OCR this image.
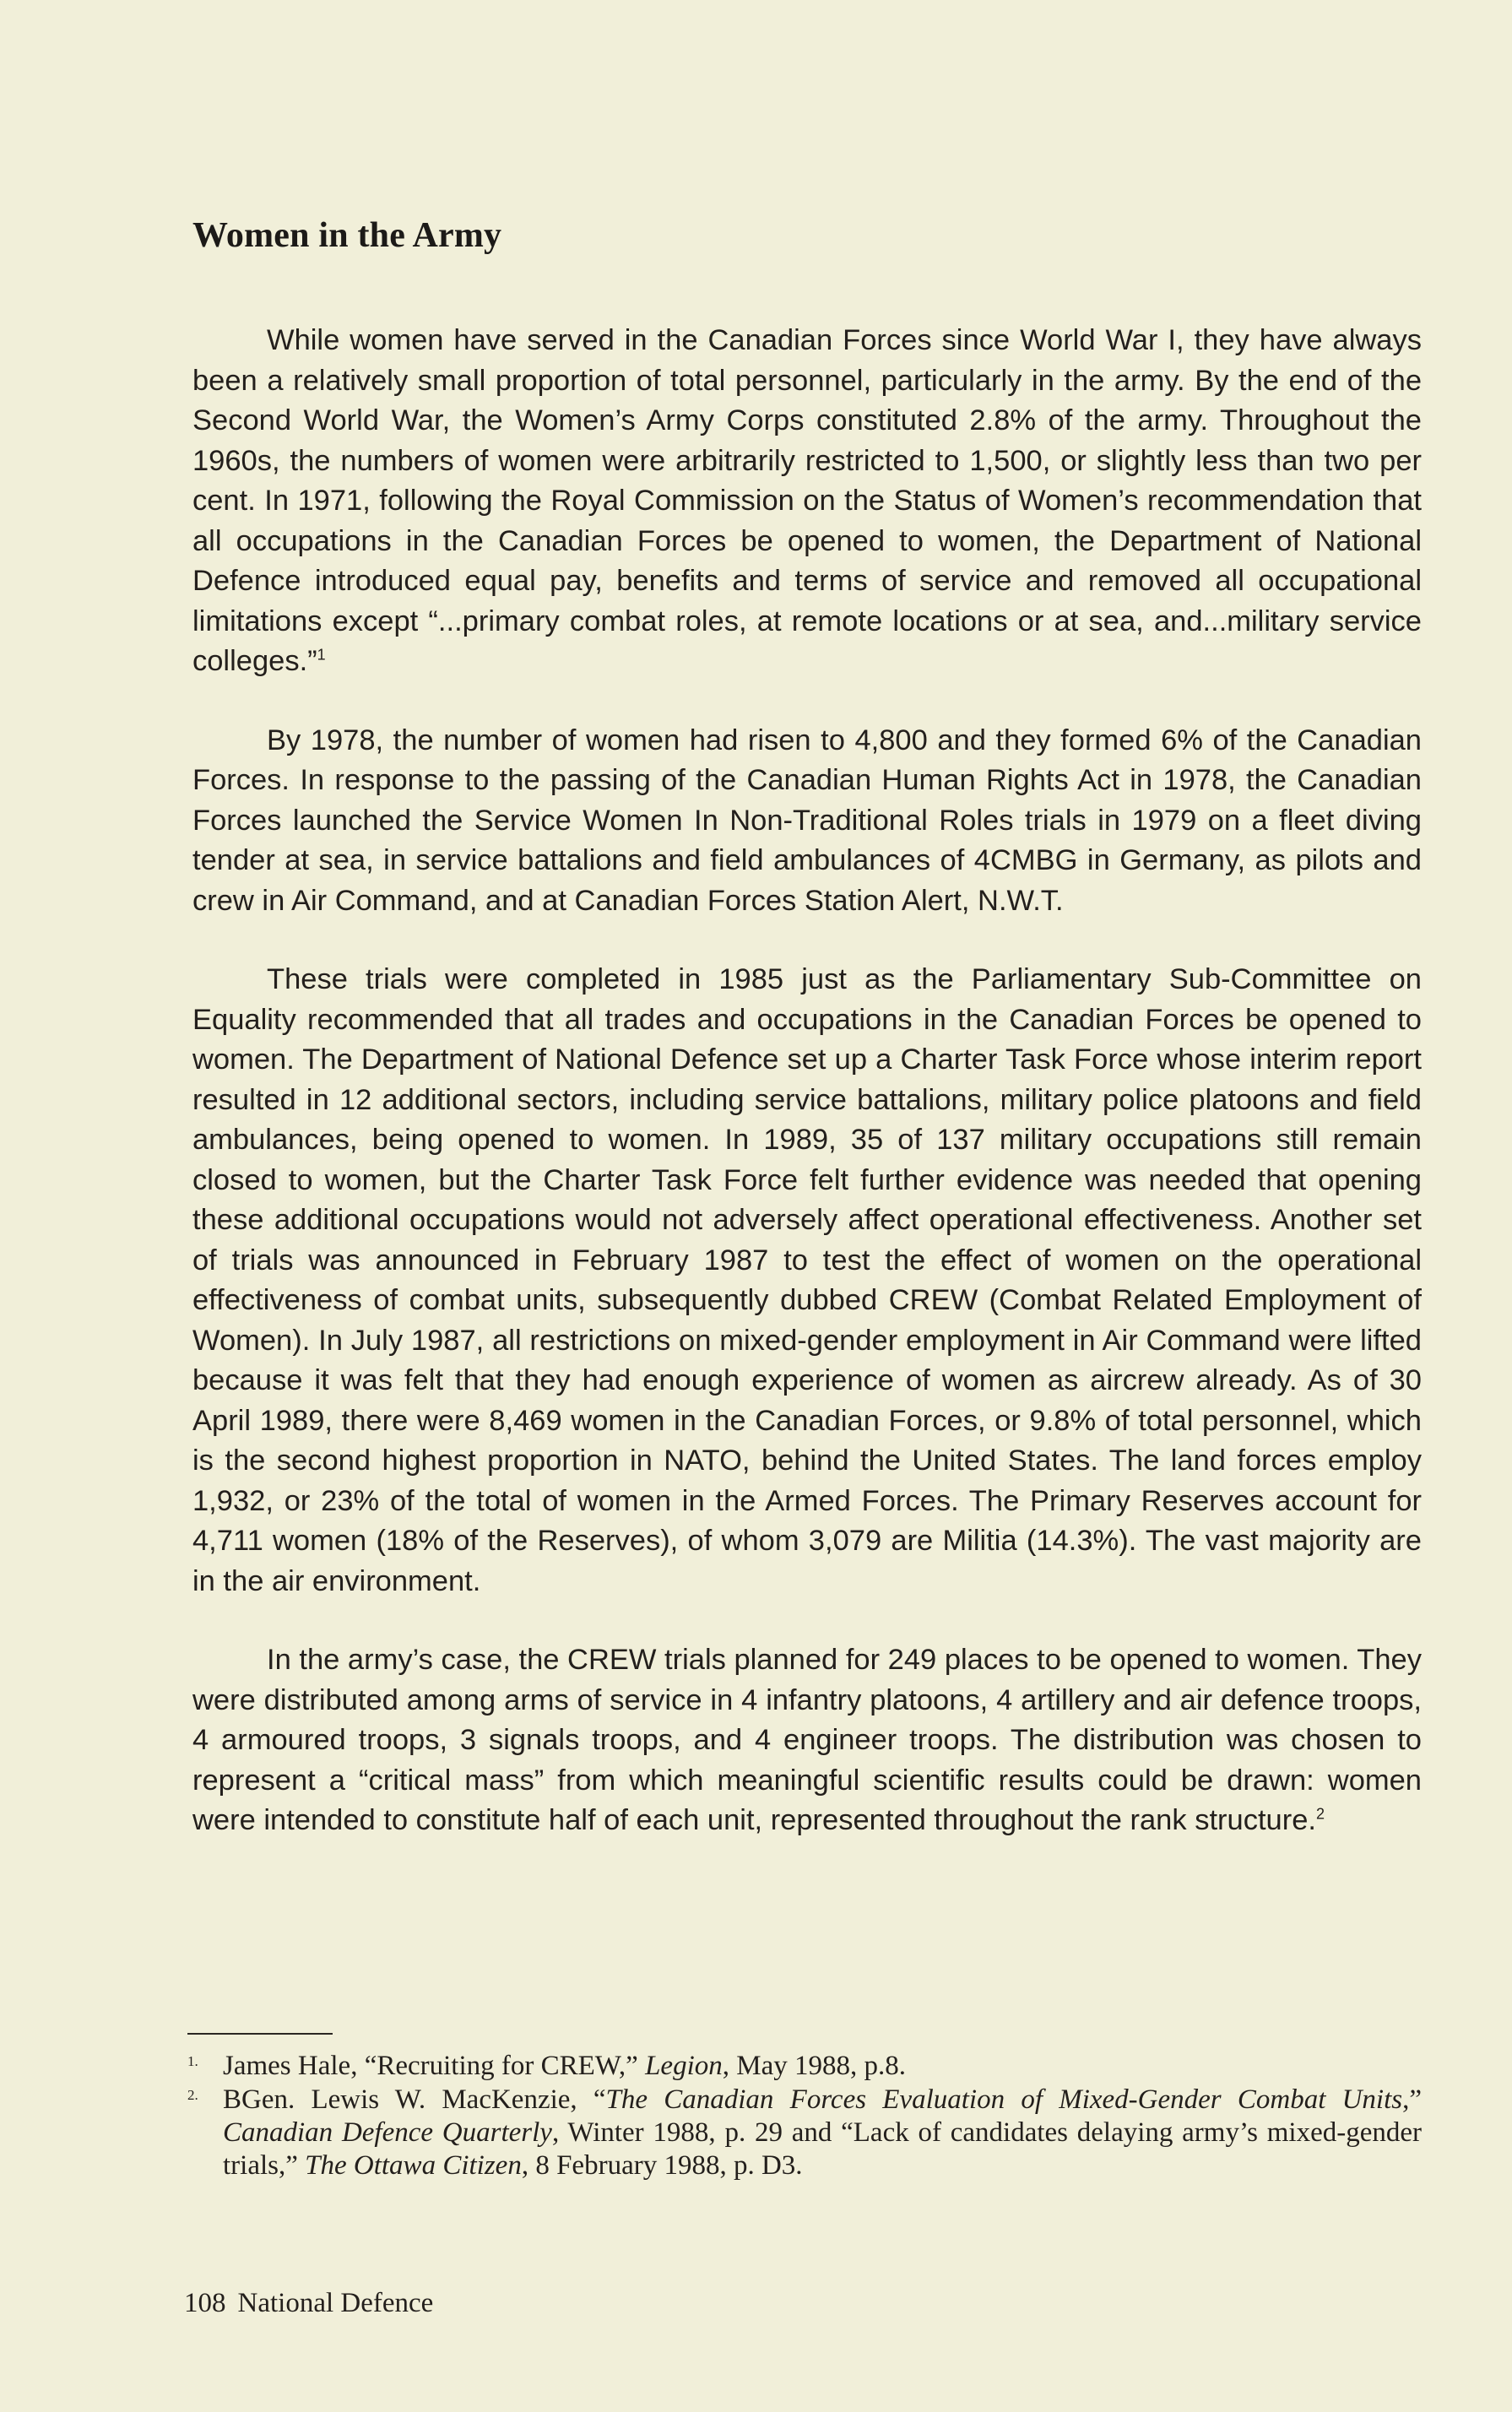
Women in the Army

While women have served in the Canadian Forces since World War I, they have always been a relatively small proportion of total personnel, particularly in the army. By the end of the Second World War, the Women’s Army Corps constituted 2.8% of the army. Throughout the 1960s, the numbers of women were arbitrarily restricted to 1,500, or slightly less than two per cent. In 1971, following the Royal Commission on the Status of Women’s recommendation that all occupations in the Canadian Forces be opened to women, the Department of National Defence introduced equal pay, benefits and terms of service and removed all occupational limitations except “...primary combat roles, at remote locations or at sea, and...military service colleges.”$^1$

By 1978, the number of women had risen to 4,800 and they formed 6% of the Canadian Forces. In response to the passing of the Canadian Human Rights Act in 1978, the Canadian Forces launched the Service Women In Non-Traditional Roles trials in 1979 on a fleet diving tender at sea, in service battalions and field ambulances of 4CMBG in Germany, as pilots and crew in Air Command, and at Canadian Forces Station Alert, N.W.T.

These trials were completed in 1985 just as the Parliamentary Sub-Committee on Equality recommended that all trades and occupations in the Canadian Forces be opened to women. The Department of National Defence set up a Charter Task Force whose interim report resulted in 12 additional sectors, including service battalions, military police platoons and field ambulances, being opened to women. In 1989, 35 of 137 military occupations still remain closed to women, but the Charter Task Force felt further evidence was needed that opening these additional occupations would not adversely affect operational effectiveness. Another set of trials was announced in February 1987 to test the effect of women on the operational effectiveness of combat units, subsequently dubbed CREW (Combat Related Employment of Women). In July 1987, all restrictions on mixed-gender employment in Air Command were lifted because it was felt that they had enough experience of women as aircrew already. As of 30 April 1989, there were 8,469 women in the Canadian Forces, or 9.8% of total personnel, which is the second highest proportion in NATO, behind the United States. The land forces employ 1,932, or 23% of the total of women in the Armed Forces. The Primary Reserves account for 4,711 women (18% of the Reserves), of whom 3,079 are Militia (14.3%). The vast majority are in the air environment.

In the army’s case, the CREW trials planned for 249 places to be opened to women. They were distributed among arms of service in 4 infantry platoons, 4 artillery and air defence troops, 4 armoured troops, 3 signals troops, and 4 engineer troops. The distribution was chosen to represent a “critical mass” from which meaningful scientific results could be drawn: women were intended to constitute half of each unit, represented throughout the rank structure.$^2$

1. James Hale, “Recruiting for CREW,” Legion, May 1988, p.8.
2. BGen. Lewis W. MacKenzie, “The Canadian Forces Evaluation of Mixed-Gender Combat Units,” Canadian Defence Quarterly, Winter 1988, p. 29 and “Lack of candidates delaying army’s mixed-gender trials,” The Ottawa Citizen, 8 February 1988, p. D3.
108 National Defence
